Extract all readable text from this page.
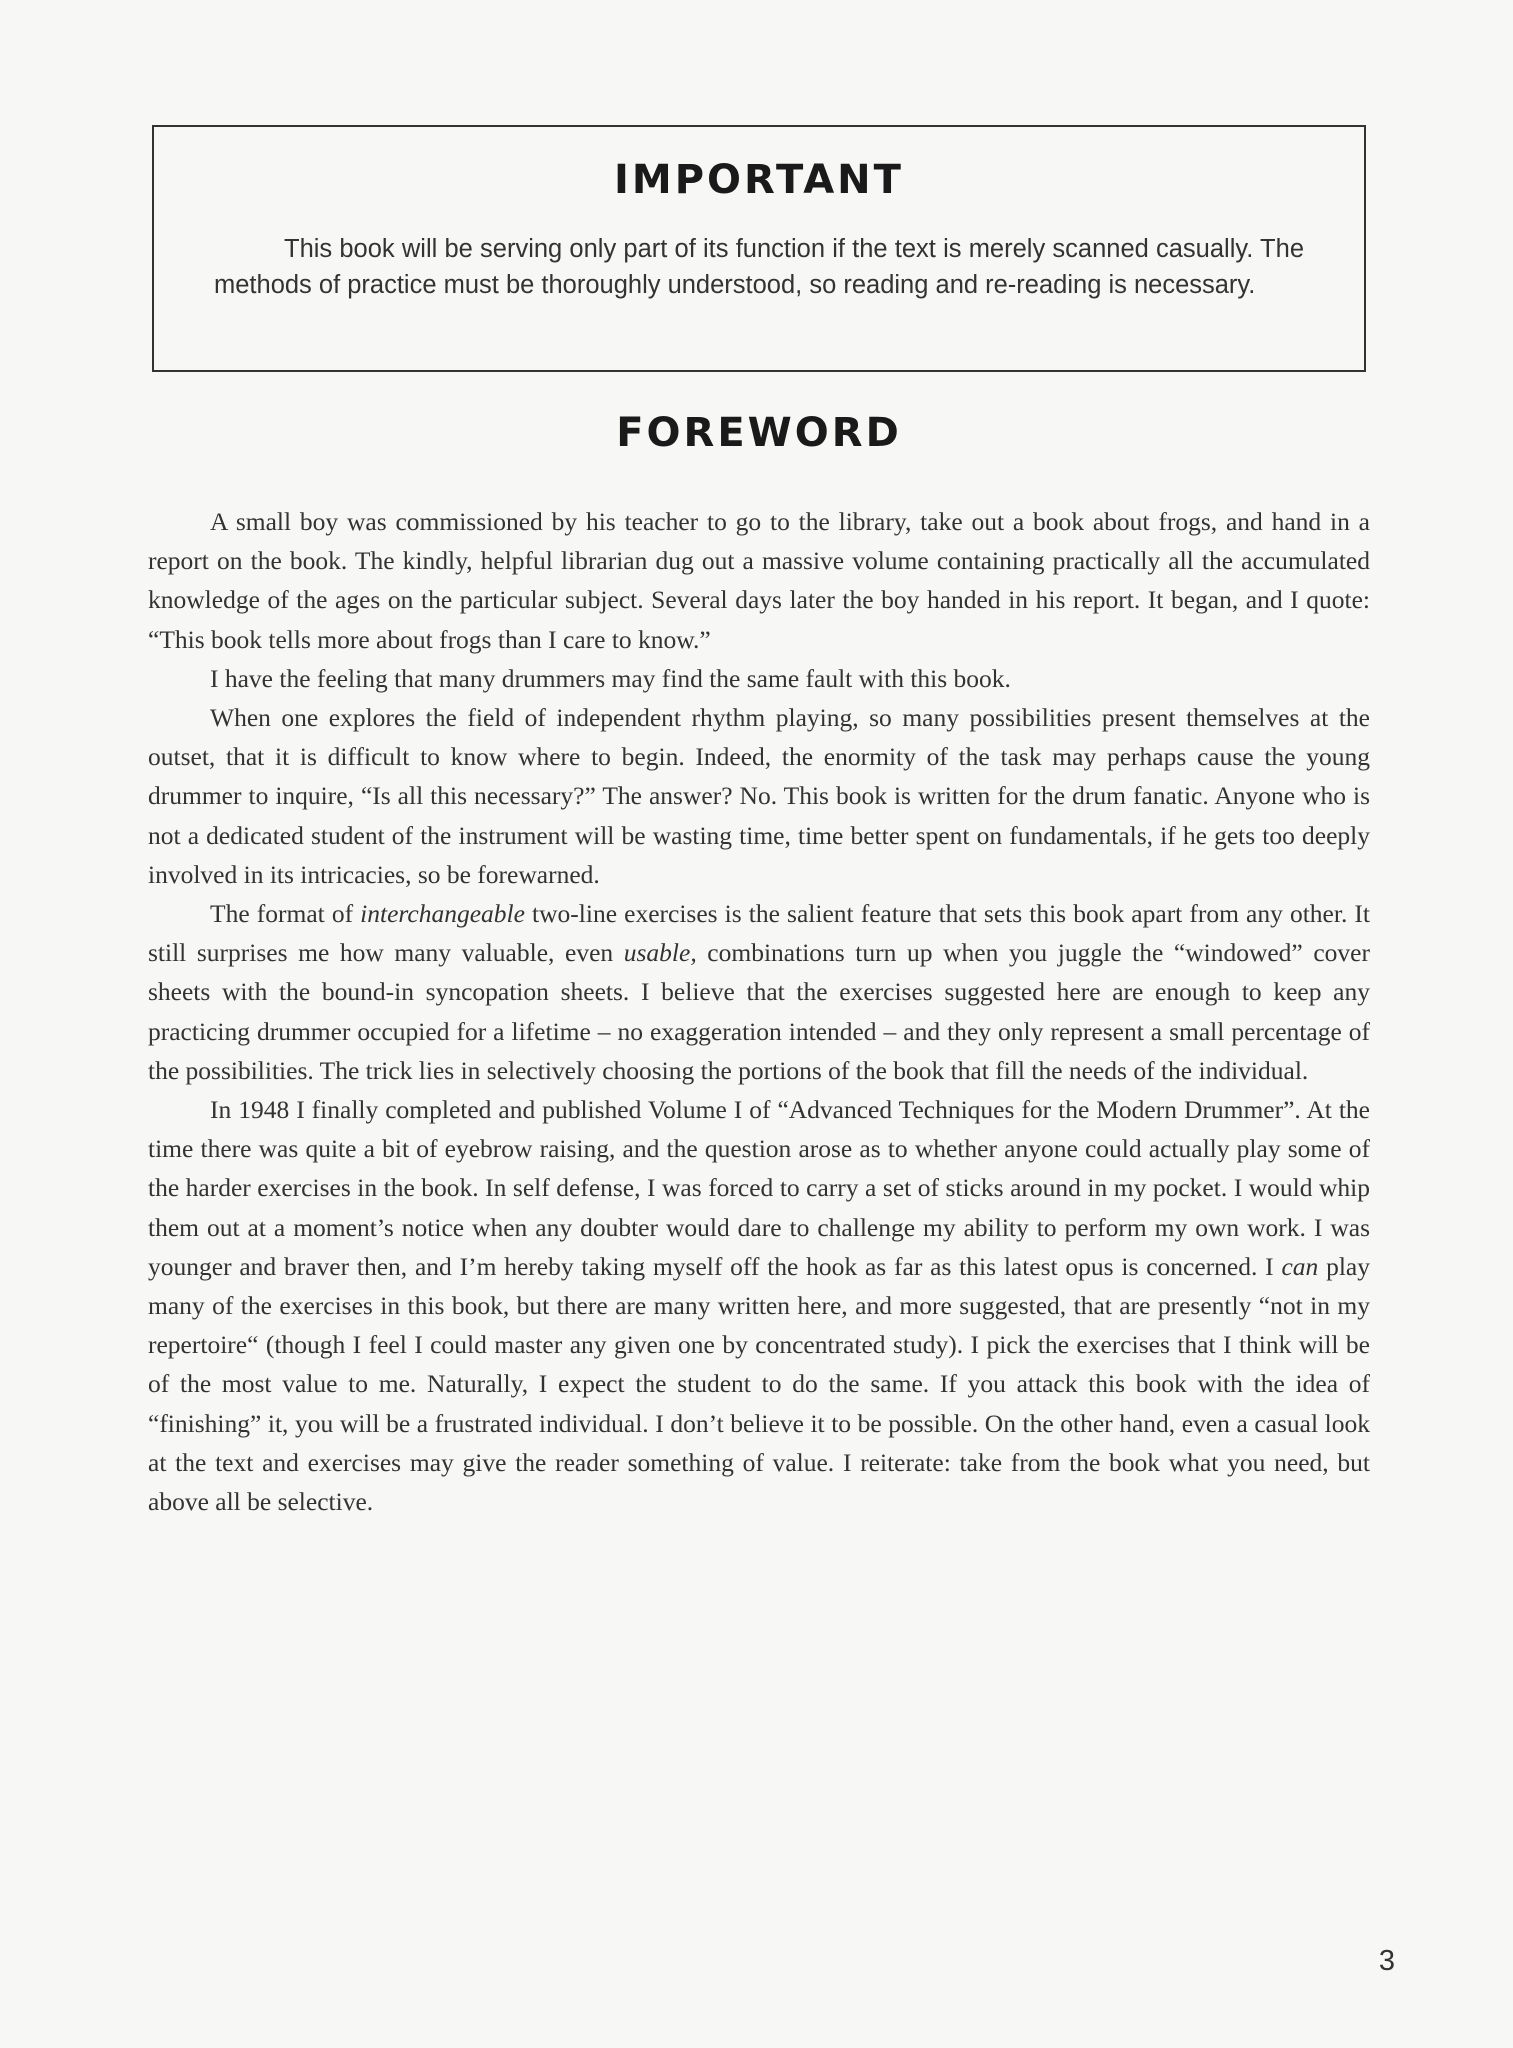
IMPORTANT

This book will be serving only part of its function if the text is merely scanned casually. The methods of practice must be thoroughly understood, so reading and re-reading is necessary.

FOREWORD

A small boy was commissioned by his teacher to go to the library, take out a book about frogs, and hand in a report on the book. The kindly, helpful librarian dug out a massive volume containing practically all the accumulated knowledge of the ages on the particular subject. Several days later the boy handed in his report. It began, and I quote: “This book tells more about frogs than I care to know.”

I have the feeling that many drummers may find the same fault with this book.

When one explores the field of independent rhythm playing, so many possibilities present themselves at the outset, that it is difficult to know where to begin. Indeed, the enormity of the task may perhaps cause the young drummer to inquire, “Is all this necessary?” The answer? No. This book is written for the drum fanatic. Anyone who is not a dedicated student of the instrument will be wasting time, time better spent on fundamentals, if he gets too deeply involved in its intricacies, so be forewarned.

The format of interchangeable two-line exercises is the salient feature that sets this book apart from any other. It still surprises me how many valuable, even usable, combinations turn up when you juggle the “windowed” cover sheets with the bound-in syncopation sheets. I believe that the exercises suggested here are enough to keep any practicing drummer occupied for a lifetime – no exaggeration intended – and they only represent a small percentage of the possibilities. The trick lies in selectively choosing the portions of the book that fill the needs of the individual.

In 1948 I finally completed and published Volume I of “Advanced Techniques for the Modern Drummer”. At the time there was quite a bit of eyebrow raising, and the question arose as to whether anyone could actually play some of the harder exercises in the book. In self defense, I was forced to carry a set of sticks around in my pocket. I would whip them out at a moment’s notice when any doubter would dare to challenge my ability to perform my own work. I was younger and braver then, and I’m hereby taking myself off the hook as far as this latest opus is concerned. I can play many of the exercises in this book, but there are many written here, and more suggested, that are presently “not in my repertoire“ (though I feel I could master any given one by concentrated study). I pick the exercises that I think will be of the most value to me. Naturally, I expect the student to do the same. If you attack this book with the idea of “finishing” it, you will be a frustrated individual. I don’t believe it to be possible. On the other hand, even a casual look at the text and exercises may give the reader something of value. I reiterate: take from the book what you need, but above all be selective.

3
